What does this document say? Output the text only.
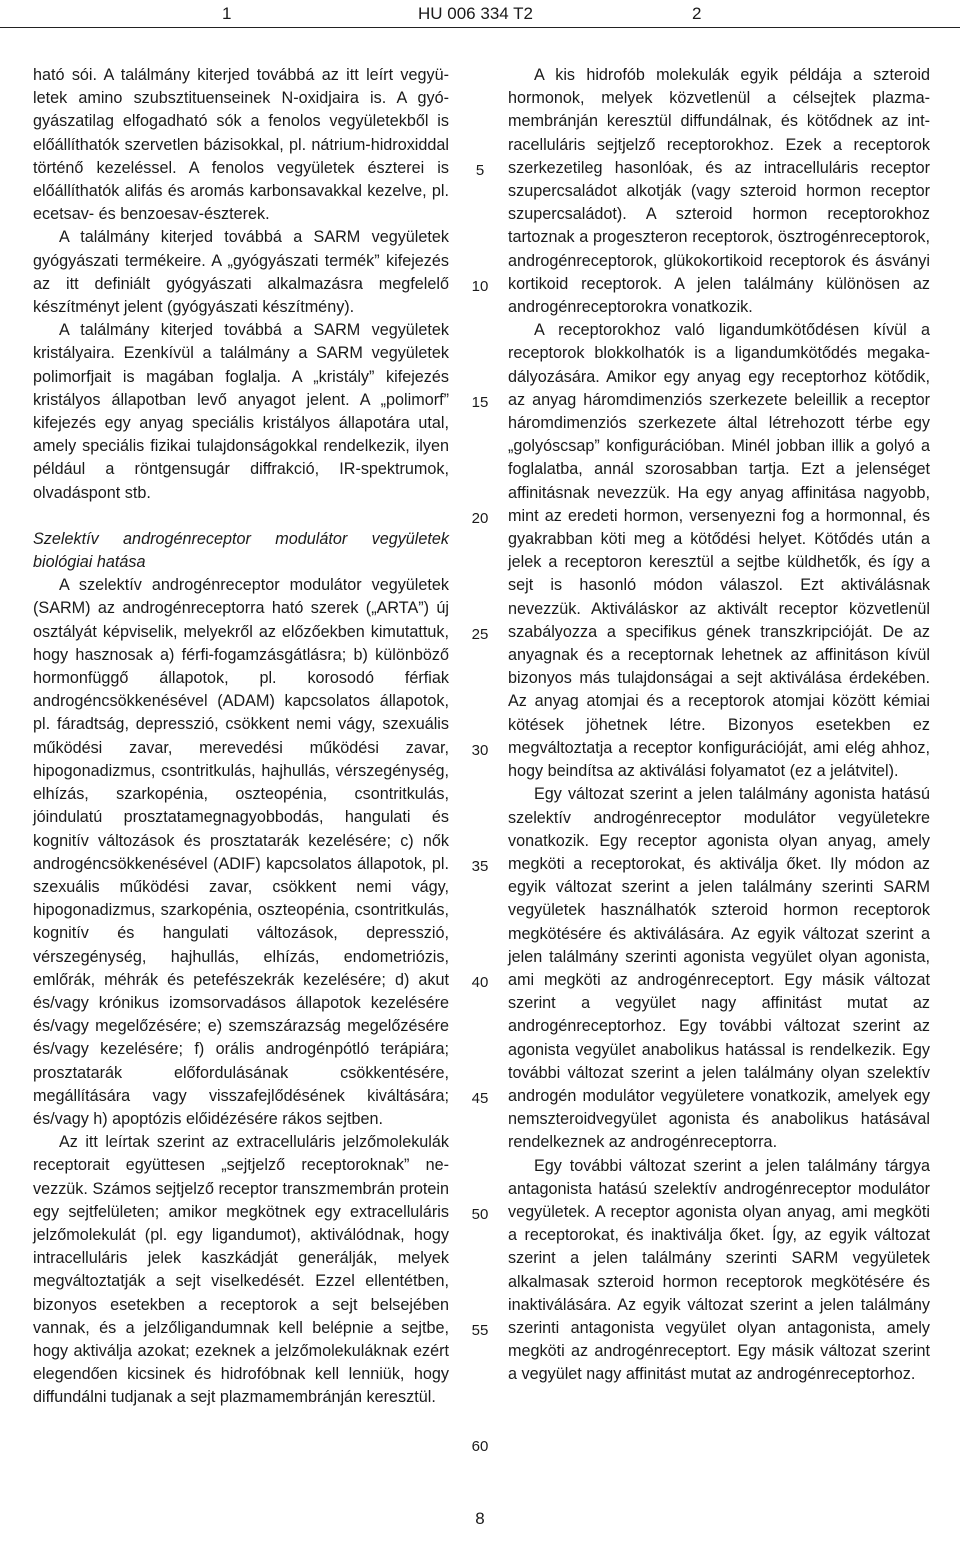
1	HU 006 334 T2	2

ható sói. A találmány kiterjed továbbá az itt leírt vegyületek amino szubsztituenseinek N-oxidjaira is. A gyógyászatilag elfogadható sók a fenolos vegyületekből is előállíthatók szervetlen bázisokkal, pl. nátrium-hidroxiddal történő kezeléssel. A fenolos vegyületek észterei is előállíthatók alifás és aromás karbonsavakkal kezelve, pl. ecetsav- és benzoesav-észterek.

A találmány kiterjed továbbá a SARM vegyületek gyógyászati termékeire. A „gyógyászati termék” kifejezés az itt definiált gyógyászati alkalmazásra megfelelő készítményt jelent (gyógyászati készítmény).

A találmány kiterjed továbbá a SARM vegyületek kristályaira. Ezenkívül a találmány a SARM vegyületek polimorfjait is magában foglalja. A „kristály” kifejezés kristályos állapotban levő anyagot jelent. A „polimorf” kifejezés egy anyag speciális kristályos állapotára utal, amely speciális fizikai tulajdonságokkal rendelkezik, ilyen például a röntgensugár diffrakció, IR-spektrumok, olvadáspont stb.

Szelektív androgénreceptor modulátor vegyületek biológiai hatása

A szelektív androgénreceptor modulátor vegyületek (SARM) az androgénreceptorra ható szerek („ARTA”) új osztályát képviselik, melyekről az előzőekben kimutattuk, hogy hasznosak a) férfi-fogamzásgátlásra; b) különböző hormonfüggő állapotok, pl. korosodó férfiak androgéncsökkenésével (ADAM) kapcsolatos állapotok, pl. fáradtság, depresszió, csökkent nemi vágy, szexuális működési zavar, merevedési működési zavar, hipogonadizmus, csontritkulás, hajhullás, vérszegénység, elhízás, szarkopénia, oszteopénia, csontritkulás, jóindulatú prosztatamegnagyobbodás, hangulati és kognitív változások és prosztatarák kezelésére; c) nők androgéncsökkenésével (ADIF) kapcsolatos állapotok, pl. szexuális működési zavar, csökkent nemi vágy, hipogonadizmus, szarkopénia, oszteopénia, csontritkulás, kognitív és hangulati változások, depresszió, vérszegénység, hajhullás, elhízás, endometriózis, emlőrák, méhrák és petefészekrák kezelésére; d) akut és/vagy krónikus izomsorvadásos állapotok kezelésére és/vagy megelőzésére; e) szemszárazság megelőzésére és/vagy kezelésére; f) orális androgénpótló terápiára; prosztatarák előfordulásának csökkentésére, megállítására vagy visszafejlődésének kiváltására; és/vagy h) apoptózis előidézésére rákos sejtben.

Az itt leírtak szerint az extracelluláris jelzőmolekulák receptorait együttesen „sejtjelző receptoroknak” nevezzük. Számos sejtjelző receptor transzmembrán protein egy sejtfelületen; amikor megkötnek egy extracelluláris jelzőmolekulát (pl. egy ligandumot), aktiválódnak, hogy intracelluláris jelek kaszkádját generálják, melyek megváltoztatják a sejt viselkedését. Ezzel ellentétben, bizonyos esetekben a receptorok a sejt belsejében vannak, és a jelzőligandumnak kell belépnie a sejtbe, hogy aktiválja azokat; ezeknek a jelzőmolekuláknak ezért elegendően kicsinek és hidrofóbnak kell lenniük, hogy diffundálni tudjanak a sejt plazmamembránján keresztül.

A kis hidrofób molekulák egyik példája a szteroid hormonok, melyek közvetlenül a célsejtek plazmamembránján keresztül diffundálnak, és kötődnek az intracelluláris sejtjelző receptorokhoz. Ezek a receptorok szerkezetileg hasonlóak, és az intracelluláris receptor szupercsaládot alkotják (vagy szteroid hormon receptor szupercsaládot). A szteroid hormon receptorokhoz tartoznak a progeszteron receptorok, ösztrogénreceptorok, androgénreceptorok, glükokortikoid receptorok és ásványi kortikoid receptorok. A jelen találmány különösen az androgénreceptorokra vonatkozik.

A receptorokhoz való ligandumkötődésen kívül a receptorok blokkolhatók is a ligandumkötődés megakadályozására. Amikor egy anyag egy receptorhoz kötődik, az anyag háromdimenziós szerkezete beleillik a receptor háromdimenziós szerkezete által létrehozott térbe egy „golyóscsap” konfigurációban. Minél jobban illik a golyó a foglalatba, annál szorosabban tartja. Ezt a jelenséget affinitásnak nevezzük. Ha egy anyag affinitása nagyobb, mint az eredeti hormon, versenyezni fog a hormonnal, és gyakrabban köti meg a kötődési helyet. Kötődés után a jelek a receptoron keresztül a sejtbe küldhetők, és így a sejt is hasonló módon válaszol. Ezt aktiválásnak nevezzük. Aktiváláskor az aktivált receptor közvetlenül szabályozza a specifikus gének transzkripcióját. De az anyagnak és a receptornak lehetnek az affinitáson kívül bizonyos más tulajdonságai a sejt aktiválása érdekében. Az anyag atomjai és a receptorok atomjai között kémiai kötések jöhetnek létre. Bizonyos esetekben ez megváltoztatja a receptor konfigurációját, ami elég ahhoz, hogy beindítsa az aktiválási folyamatot (ez a jelátvitel).

Egy változat szerint a jelen találmány agonista hatású szelektív androgénreceptor modulátor vegyületekre vonatkozik. Egy receptor agonista olyan anyag, amely megköti a receptorokat, és aktiválja őket. Ily módon az egyik változat szerint a jelen találmány szerinti SARM vegyületek használhatók szteroid hormon receptorok megkötésére és aktiválására. Az egyik változat szerint a jelen találmány szerinti agonista vegyület olyan agonista, ami megköti az androgénreceptort. Egy másik változat szerint a vegyület nagy affinitást mutat az androgénreceptorhoz. Egy további változat szerint az agonista vegyület anabolikus hatással is rendelkezik. Egy további változat szerint a jelen találmány olyan szelektív androgén modulátor vegyületere vonatkozik, amelyek egy nemszteroidvegyület agonista és anabolikus hatásával rendelkeznek az androgénreceptorra.

Egy további változat szerint a jelen találmány tárgya antagonista hatású szelektív androgénreceptor modulátor vegyületek. A receptor agonista olyan anyag, ami megköti a receptorokat, és inaktiválja őket. Így, az egyik változat szerint a jelen találmány szerinti SARM vegyületek alkalmasak szteroid hormon receptorok megkötésére és inaktiválására. Az egyik változat szerint a jelen találmány szerinti antagonista vegyület olyan antagonista, amely megköti az androgénreceptort. Egy másik változat szerint a vegyület nagy affinitást mutat az androgénreceptorhoz.

5
10
15
20
25
30
35
40
45
50
55
60
8
